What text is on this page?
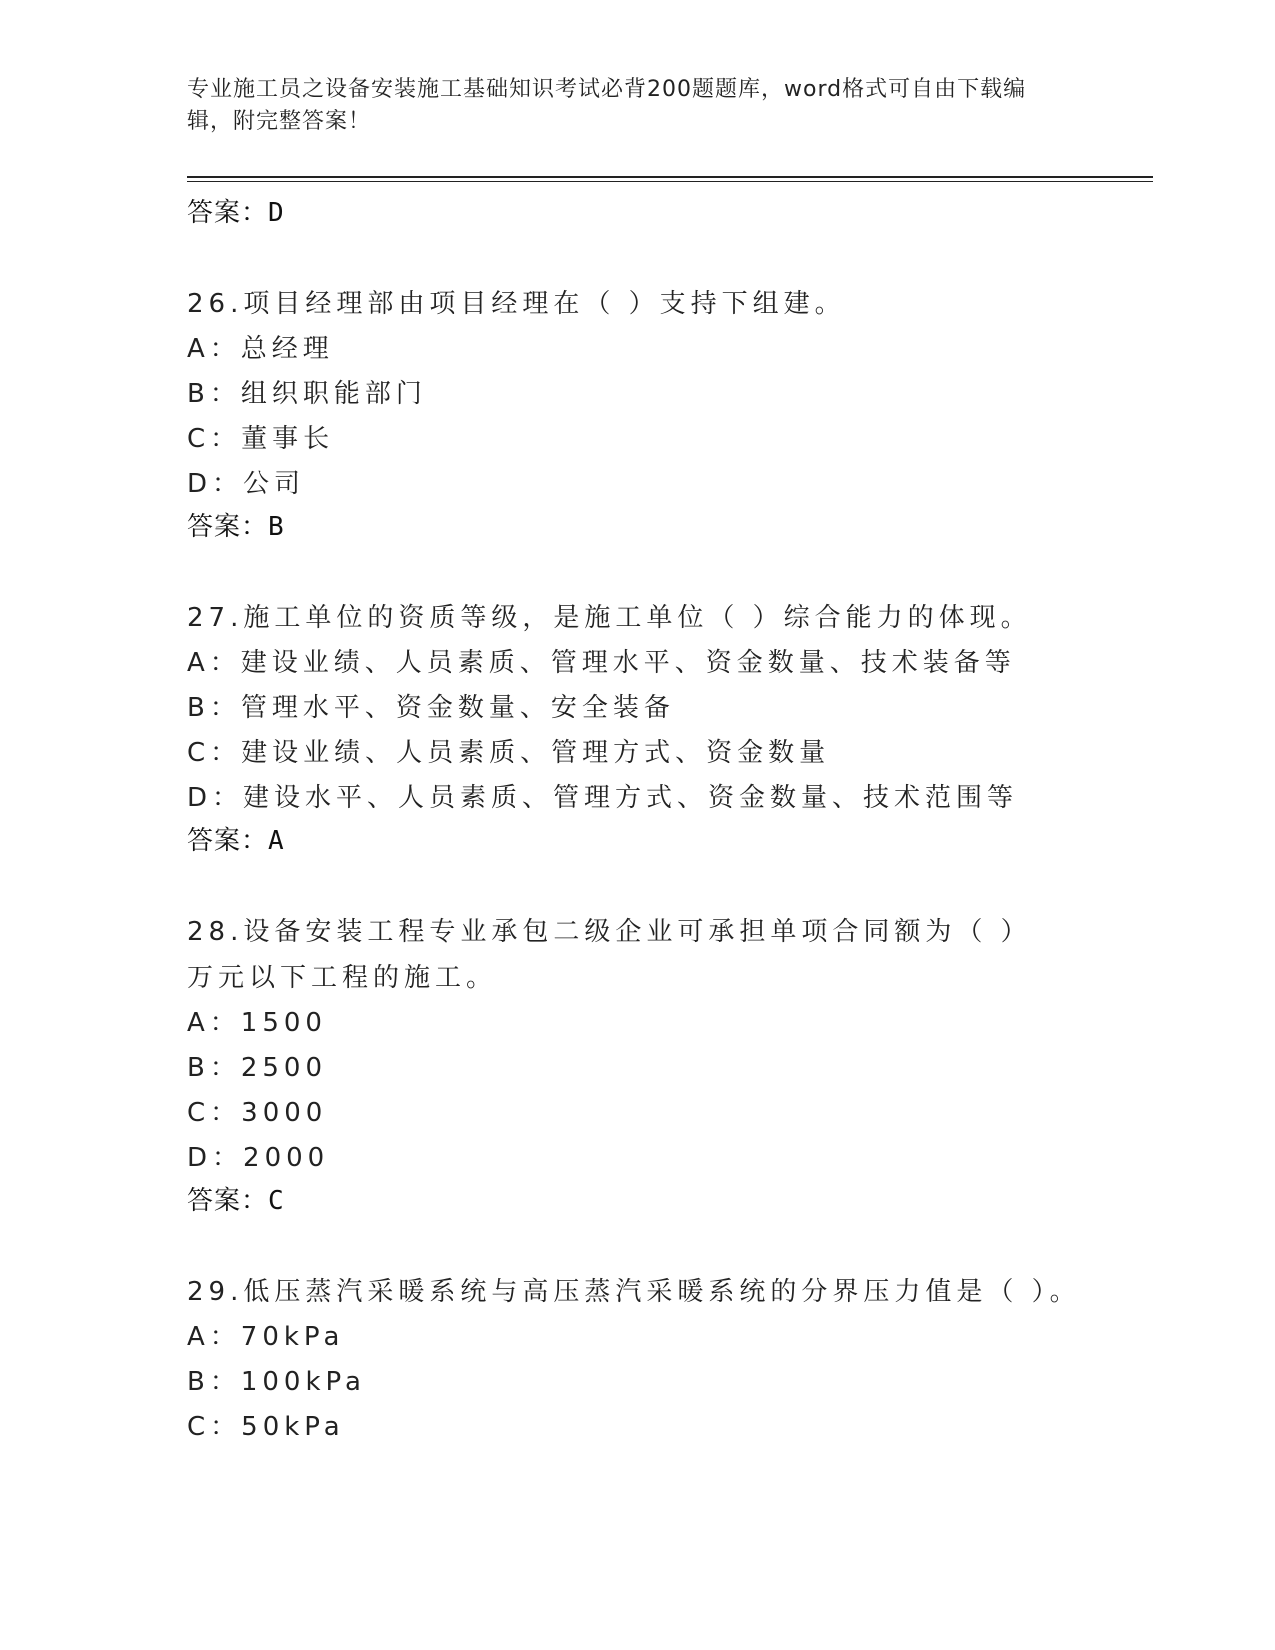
专业施工员之设备安装施工基础知识考试必背200题题库，word格式可自由下载编辑，附完整答案！
答案：D
26.项目经理部由项目经理在（ ）支持下组建。
A：总经理
B：组织职能部门
C：董事长
D：公司
答案：B
27.施工单位的资质等级，是施工单位（ ）综合能力的体现。
A：建设业绩、人员素质、管理水平、资金数量、技术装备等
B：管理水平、资金数量、安全装备
C：建设业绩、人员素质、管理方式、资金数量
D：建设水平、人员素质、管理方式、资金数量、技术范围等
答案：A
28.设备安装工程专业承包二级企业可承担单项合同额为（ ）万元以下工程的施工。
A：1500
B：2500
C：3000
D：2000
答案：C
29.低压蒸汽采暖系统与高压蒸汽采暖系统的分界压力值是（ ）。
A：70kPa
B：100kPa
C：50kPa
